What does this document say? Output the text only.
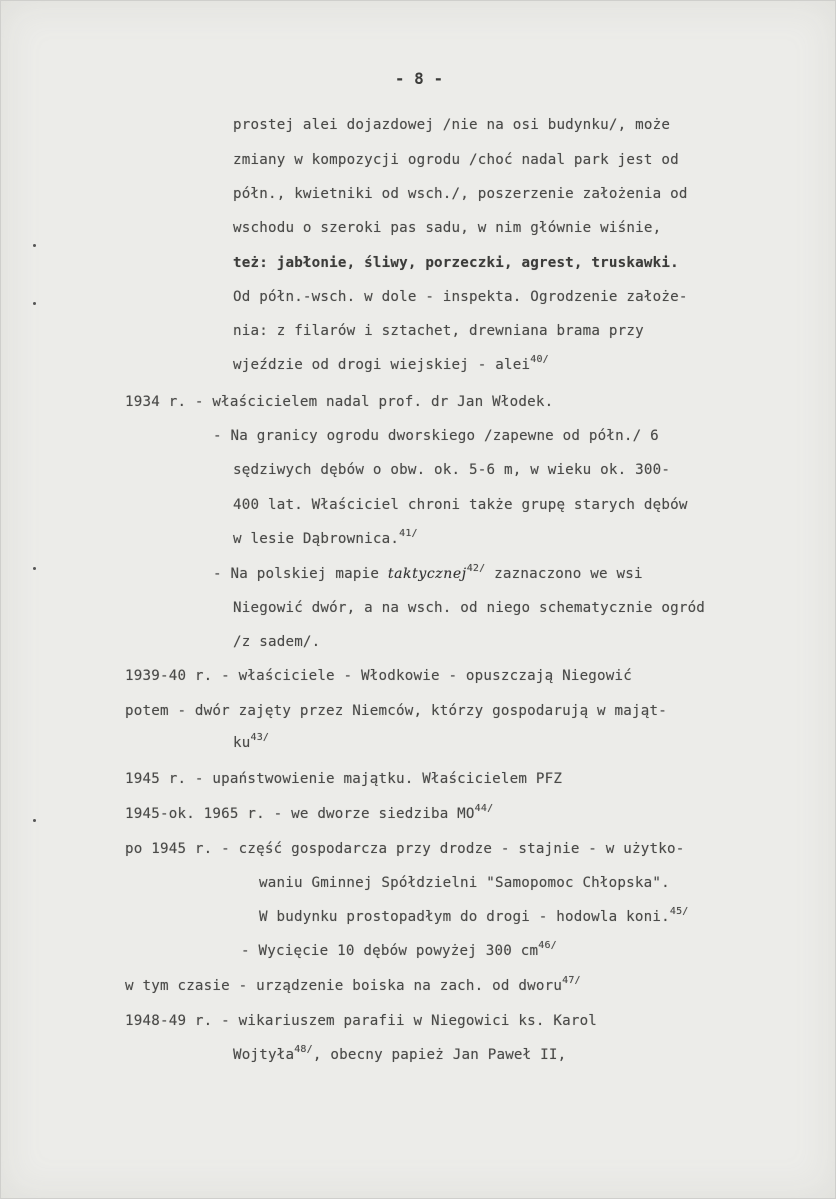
- 8 -
prostej alei dojazdowej /nie na osi budynku/, może
zmiany w kompozycji ogrodu /choć nadal park jest od
półn., kwietniki od wsch./, poszerzenie założenia od
wschodu o szeroki pas sadu, w nim głównie wiśnie,
też: jabłonie, śliwy, porzeczki, agrest, truskawki.
Od półn.-wsch. w dole - inspekta. Ogrodzenie założe-
nia: z filarów i sztachet, drewniana brama przy
wjeździe od drogi wiejskiej - alei$^{40/}$
1934 r. - właścicielem nadal prof. dr Jan Włodek.
- Na granicy ogrodu dworskiego /zapewne od półn./ 6
sędziwych dębów o obw. ok. 5-6 m, w wieku ok. 300-
400 lat. Właściciel chroni także grupę starych dębów
w lesie Dąbrownica.$^{41/}$
- Na polskiej mapie taktycznej$^{42/}$ zaznaczono we wsi
Niegowić dwór, a na wsch. od niego schematycznie ogród
/z sadem/.
1939-40 r. - właściciele - Włodkowie - opuszczają Niegowić
potem - dwór zajęty przez Niemców, którzy gospodarują w mająt-
$ku^{43/}$
1945 r. - upaństwowienie majątku. Właścicielem PFZ
1945-ok. 1965 r. - we dworze siedziba $MO^{44/}$
po 1945 r. - część gospodarcza przy drodze - stajnie - w użytko-
waniu Gminnej Spółdzielni "Samopomoc Chłopska".
W budynku prostopadłym do drogi - hodowla koni.$^{45/}$
- Wycięcie 10 dębów powyżej 300 $cm^{46/}$
w tym czasie - urządzenie boiska na zach. od dworu$^{47/}$
1948-49 r. - wikariuszem parafii w Niegowici ks. Karol
Wojtyła$^{48/}$, obecny papież Jan Paweł II,
